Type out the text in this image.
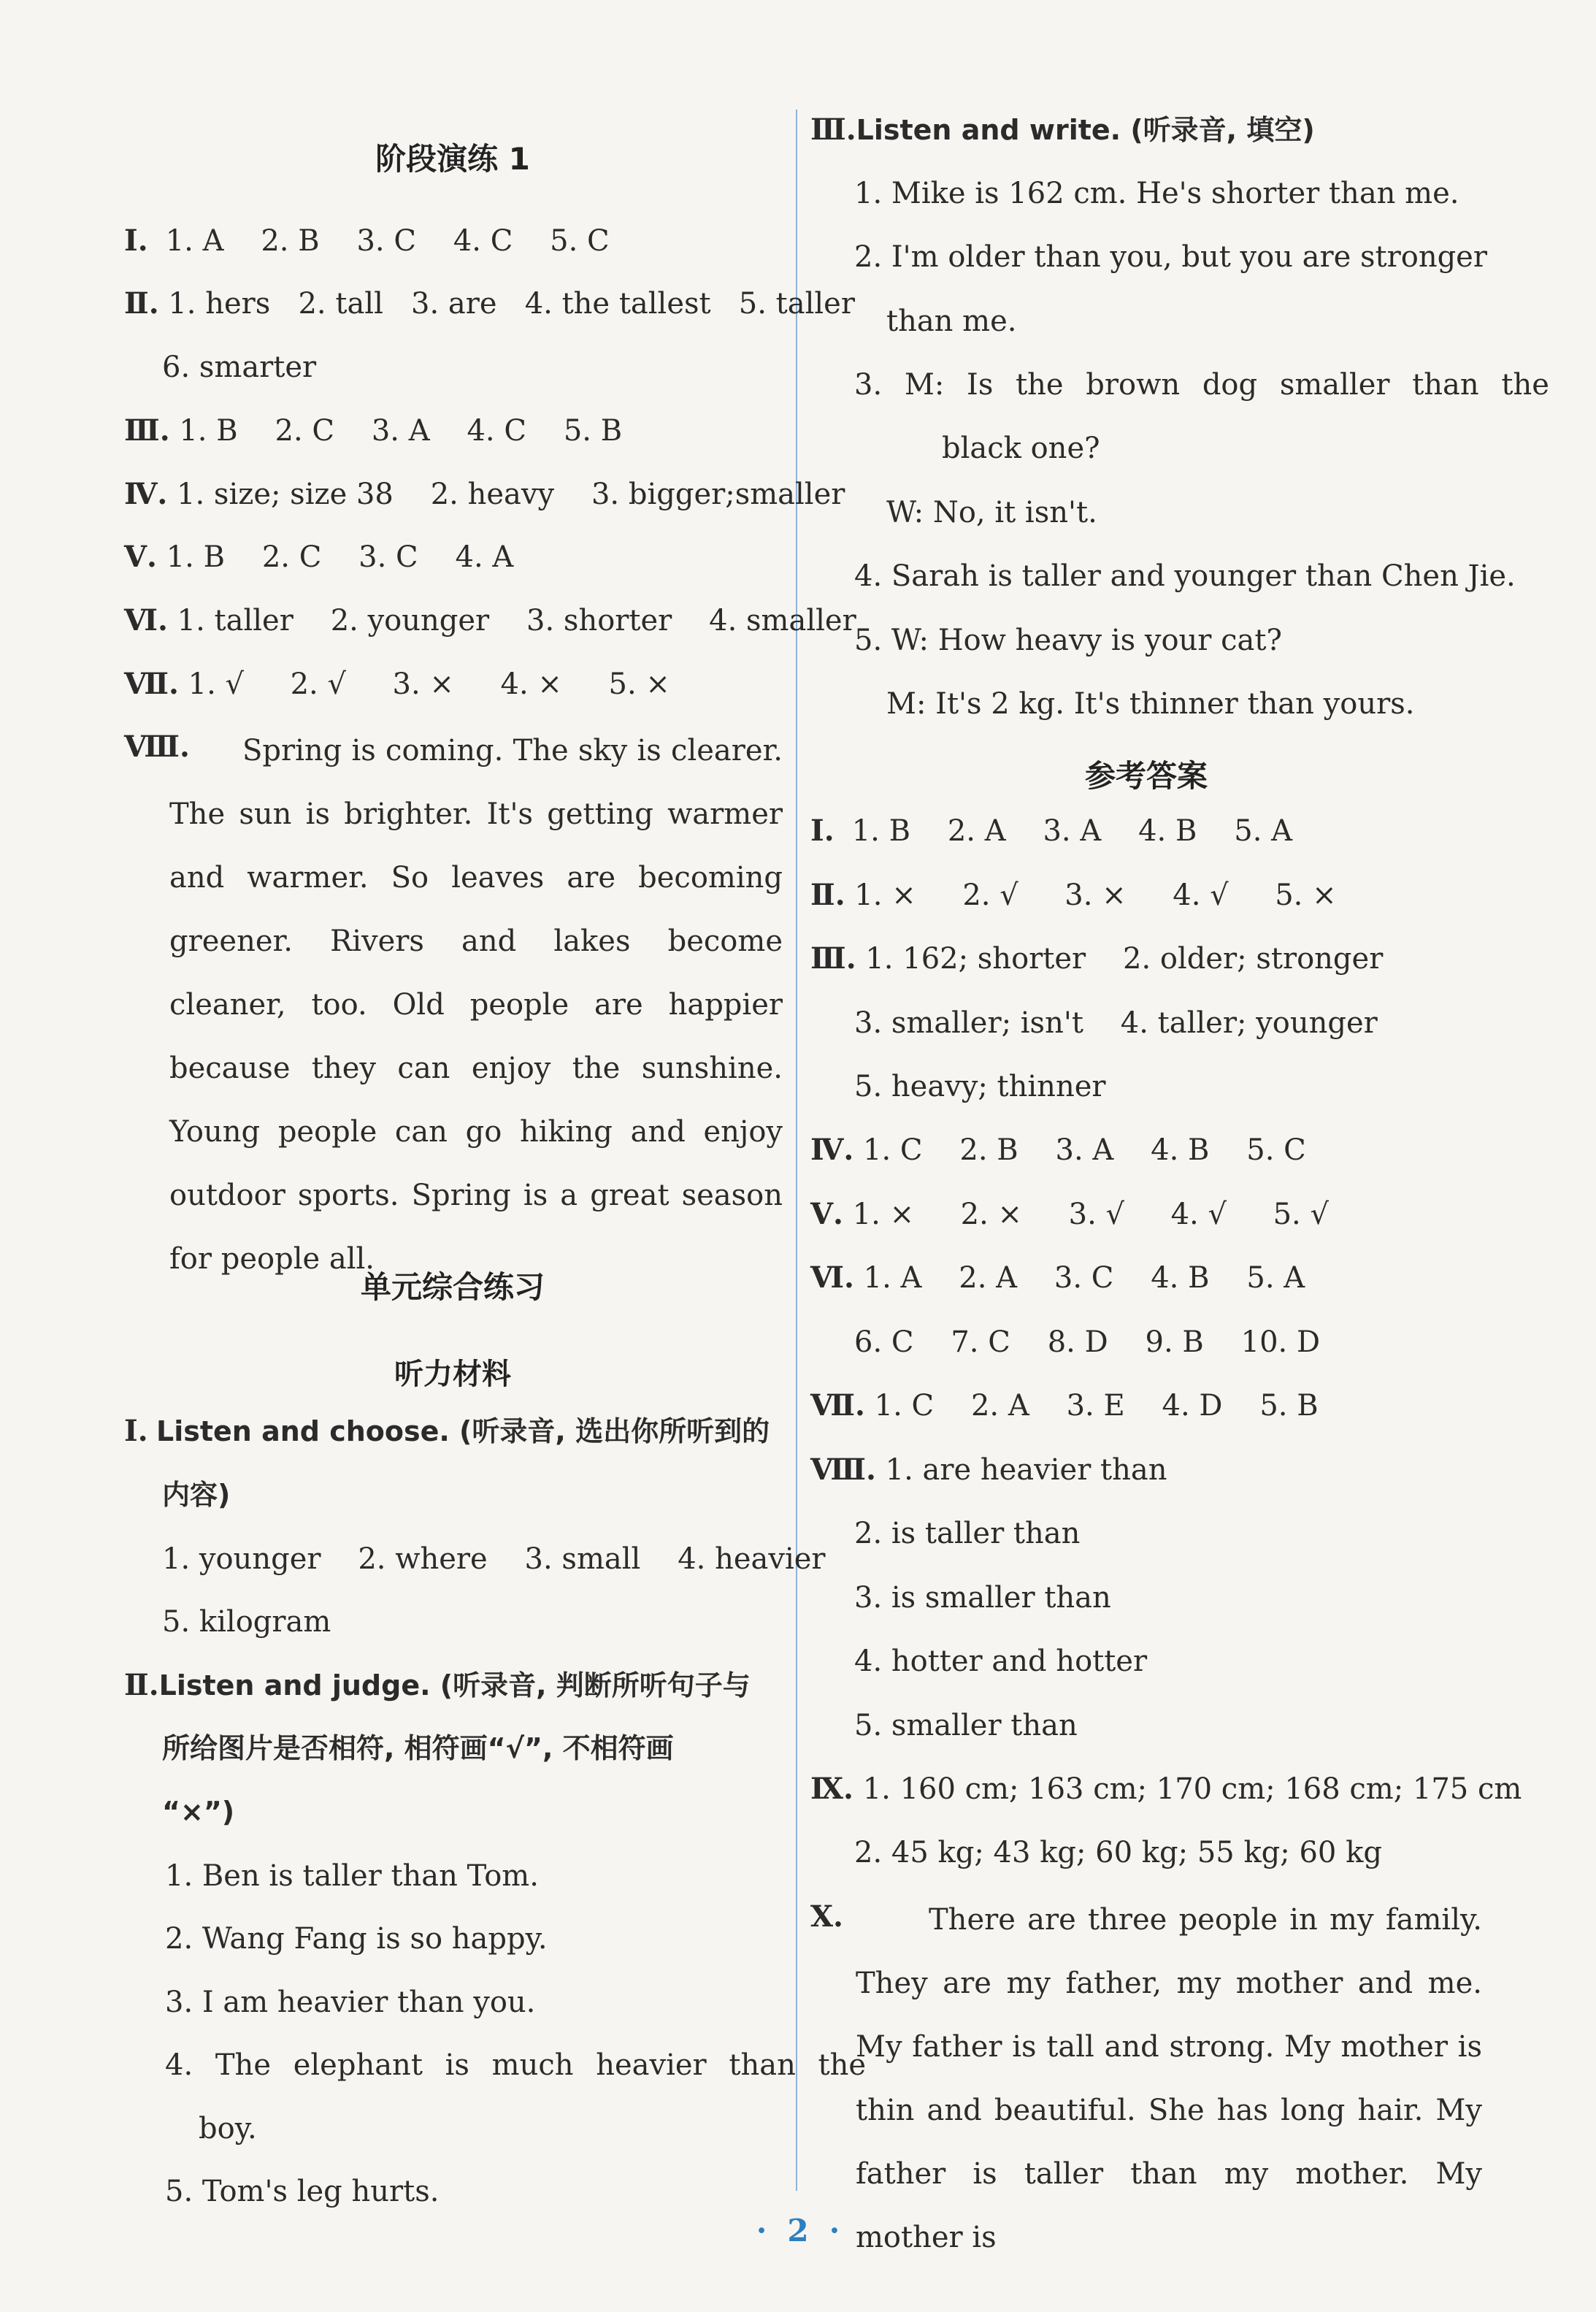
阶段演练 1
Ⅰ. 1. A 2. B 3. C 4. C 5. C
Ⅱ. 1. hers 2. tall 3. are 4. the tallest 5. taller
6. smarter
Ⅲ. 1. B 2. C 3. A 4. C 5. B
Ⅳ. 1. size; size 38 2. heavy 3. bigger;smaller
Ⅴ. 1. B 2. C 3. C 4. A
Ⅵ. 1. taller 2. younger 3. shorter 4. smaller
Ⅶ. 1. √ 2. √ 3. × 4. × 5. ×
Ⅷ.	Spring is coming. The sky is clearer. The sun is brighter. It's getting warmer and warmer. So leaves are becoming greener. Rivers and lakes become cleaner, too. Old people are happier because they can enjoy the sunshine. Young people can go hiking and enjoy outdoor sports. Spring is a great season for people all.
单元综合练习
听力材料
Ⅰ. Listen and choose. (听录音, 选出你所听到的
内容)
1. younger 2. where 3. small 4. heavier
5. kilogram
Ⅱ.Listen and judge. (听录音, 判断所听句子与
所给图片是否相符, 相符画“√”, 不相符画
“×”)
1. Ben is taller than Tom.
2. Wang Fang is so happy.
3. I am heavier than you.
4. The elephant is much heavier than the
boy.
5. Tom's leg hurts.
Ⅲ.Listen and write. (听录音, 填空)
1. Mike is 162 cm. He's shorter than me.
2. I'm older than you, but you are stronger
than me.
3. M: Is the brown dog smaller than the
black one?
W: No, it isn't.
4. Sarah is taller and younger than Chen Jie.
5. W: How heavy is your cat?
M: It's 2 kg. It's thinner than yours.
参考答案
Ⅰ. 1. B 2. A 3. A 4. B 5. A
Ⅱ. 1. × 2. √ 3. × 4. √ 5. ×
Ⅲ. 1. 162; shorter 2. older; stronger
3. smaller; isn't 4. taller; younger
5. heavy; thinner
Ⅳ. 1. C 2. B 3. A 4. B 5. C
Ⅴ. 1. × 2. × 3. √ 4. √ 5. √
Ⅵ. 1. A 2. A 3. C 4. B 5. A
6. C 7. C 8. D 9. B 10. D
Ⅶ. 1. C 2. A 3. E 4. D 5. B
Ⅷ. 1. are heavier than
2. is taller than
3. is smaller than
4. hotter and hotter
5. smaller than
Ⅸ. 1. 160 cm; 163 cm; 170 cm; 168 cm; 175 cm
2. 45 kg; 43 kg; 60 kg; 55 kg; 60 kg
Ⅹ.	There are three people in my family. They are my father, my mother and me. My father is tall and strong. My mother is thin and beautiful. She has long hair. My father is taller than my mother. My mother is
· 2 ·
